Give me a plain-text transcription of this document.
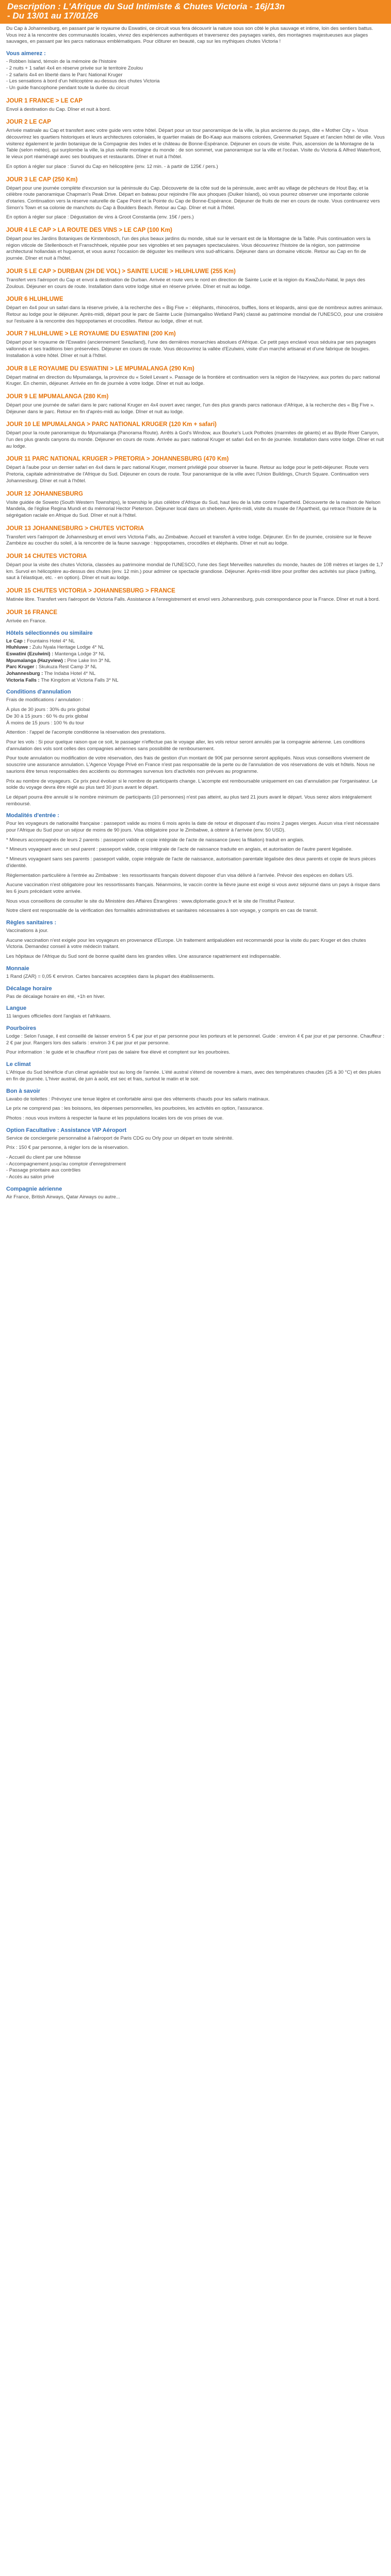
Description : L'Afrique du Sud Intimiste & Chutes Victoria - 16j/13n
- Du 13/01 au 17/01/26

Du Cap à Johannesburg, en passant par le royaume du Eswatini, ce circuit vous fera découvrir la nature sous son côté le plus sauvage et intime, loin des sentiers battus. Vous irez à la rencontre des communautés locales, vivrez des expériences authentiques et traverserez des paysages variés, des montagnes majestueuses aux plages sauvages, en passant par les parcs nationaux emblématiques. Pour clôturer en beauté, cap sur les mythiques chutes Victoria !

Vous aimerez :
- Robben Island, témoin de la mémoire de l'histoire
- 2 nuits + 1 safari 4x4 en réserve privée sur le territoire Zoulou
- 2 safaris 4x4 en liberté dans le Parc National Kruger
- Les sensations à bord d'un hélicoptère au-dessus des chutes Victoria
- Un guide francophone pendant toute la durée du circuit
JOUR 1 FRANCE > LE CAP

Envol à destination du Cap. Dîner et nuit à bord.

JOUR 2 LE CAP

Arrivée matinale au Cap et transfert avec votre guide vers votre hôtel. Départ pour un tour panoramique de la ville, la plus ancienne du pays, dite « Mother City ». Vous découvrirez les quartiers historiques et leurs architectures coloniales, le quartier malais de Bo-Kaap aux maisons colorées, Greenmarket Square et l'ancien hôtel de ville. Vous visiterez également le jardin botanique de la Compagnie des Indes et le château de Bonne-Espérance. Déjeuner en cours de visite. Puis, ascension de la Montagne de la Table (selon météo), qui surplombe la ville, la plus vieille montagne du monde : de son sommet, vue panoramique sur la ville et l'océan. Visite du Victoria & Alfred Waterfront, le vieux port réaménagé avec ses boutiques et restaurants. Dîner et nuit à l'hôtel.

En option à régler sur place : Survol du Cap en hélicoptère (env. 12 min. - à partir de 125€ / pers.)

JOUR 3 LE CAP (250 Km)

Départ pour une journée complète d'excursion sur la péninsule du Cap. Découverte de la côte sud de la péninsule, avec arrêt au village de pêcheurs de Hout Bay, et la célèbre route panoramique Chapman's Peak Drive. Départ en bateau pour rejoindre l'île aux phoques (Duiker Island), où vous pourrez observer une importante colonie d'otaries. Continuation vers la réserve naturelle de Cape Point et la Pointe du Cap de Bonne-Espérance. Déjeuner de fruits de mer en cours de route. Vous continuerez vers Simon's Town et sa colonie de manchots du Cap à Boulders Beach. Retour au Cap. Dîner et nuit à l'hôtel.

En option à régler sur place : Dégustation de vins à Groot Constantia (env. 15€ / pers.)

JOUR 4 LE CAP > LA ROUTE DES VINS > LE CAP (100 Km)

Départ pour les Jardins Botaniques de Kirstenbosch, l'un des plus beaux jardins du monde, situé sur le versant est de la Montagne de la Table. Puis continuation vers la région viticole de Stellenbosch et Franschhoek, réputée pour ses vignobles et ses paysages spectaculaires. Vous découvrirez l'histoire de la région, son patrimoine architectural hollandais et huguenot, et vous aurez l'occasion de déguster les meilleurs vins sud-africains. Déjeuner dans un domaine viticole. Retour au Cap en fin de journée. Dîner et nuit à l'hôtel.

JOUR 5 LE CAP > DURBAN (2H DE VOL) > SAINTE LUCIE > HLUHLUWE (255 Km)

Transfert vers l'aéroport du Cap et envol à destination de Durban. Arrivée et route vers le nord en direction de Sainte Lucie et la région du KwaZulu-Natal, le pays des Zoulous. Déjeuner en cours de route. Installation dans votre lodge situé en réserve privée. Dîner et nuit au lodge.

JOUR 6 HLUHLUWE

Départ en 4x4 pour un safari dans la réserve privée, à la recherche des « Big Five » : éléphants, rhinocéros, buffles, lions et léopards, ainsi que de nombreux autres animaux. Retour au lodge pour le déjeuner. Après-midi, départ pour le parc de Sainte Lucie (Isimangaliso Wetland Park) classé au patrimoine mondial de l'UNESCO, pour une croisière sur l'estuaire à la rencontre des hippopotames et crocodiles. Retour au lodge, dîner et nuit.

JOUR 7 HLUHLUWE > LE ROYAUME DU ESWATINI (200 Km)

Départ pour le royaume de l'Eswatini (anciennement Swaziland), l'une des dernières monarchies absolues d'Afrique. Ce petit pays enclavé vous séduira par ses paysages vallonnés et ses traditions bien préservées. Déjeuner en cours de route. Vous découvrirez la vallée d'Ezulwini, visite d'un marché artisanal et d'une fabrique de bougies. Installation à votre hôtel. Dîner et nuit à l'hôtel.

JOUR 8 LE ROYAUME DU ESWATINI > LE MPUMALANGA (290 Km)

Départ matinal en direction du Mpumalanga, la province du « Soleil Levant ». Passage de la frontière et continuation vers la région de Hazyview, aux portes du parc national Kruger. En chemin, déjeuner. Arrivée en fin de journée à votre lodge. Dîner et nuit au lodge.

JOUR 9 LE MPUMALANGA (280 Km)

Départ pour une journée de safari dans le parc national Kruger en 4x4 ouvert avec ranger, l'un des plus grands parcs nationaux d'Afrique, à la recherche des « Big Five ». Déjeuner dans le parc. Retour en fin d'après-midi au lodge. Dîner et nuit au lodge.

JOUR 10 LE MPUMALANGA > PARC NATIONAL KRUGER (120 Km + safari)

Départ pour la route panoramique du Mpumalanga (Panorama Route). Arrêts à God's Window, aux Bourke's Luck Potholes (marmites de géants) et au Blyde River Canyon, l'un des plus grands canyons du monde. Déjeuner en cours de route. Arrivée au parc national Kruger et safari 4x4 en fin de journée. Installation dans votre lodge. Dîner et nuit au lodge.

JOUR 11 PARC NATIONAL KRUGER > PRETORIA > JOHANNESBURG (470 Km)

Départ à l'aube pour un dernier safari en 4x4 dans le parc national Kruger, moment privilégié pour observer la faune. Retour au lodge pour le petit-déjeuner. Route vers Pretoria, capitale administrative de l'Afrique du Sud. Déjeuner en cours de route. Tour panoramique de la ville avec l'Union Buildings, Church Square. Continuation vers Johannesburg. Dîner et nuit à l'hôtel.

JOUR 12 JOHANNESBURG

Visite guidée de Soweto (South Western Townships), le township le plus célèbre d'Afrique du Sud, haut lieu de la lutte contre l'apartheid. Découverte de la maison de Nelson Mandela, de l'église Regina Mundi et du mémorial Hector Pieterson. Déjeuner local dans un shebeen. Après-midi, visite du musée de l'Apartheid, qui retrace l'histoire de la ségrégation raciale en Afrique du Sud. Dîner et nuit à l'hôtel.

JOUR 13 JOHANNESBURG > CHUTES VICTORIA

Transfert vers l'aéroport de Johannesburg et envol vers Victoria Falls, au Zimbabwe. Accueil et transfert à votre lodge. Déjeuner. En fin de journée, croisière sur le fleuve Zambèze au coucher du soleil, à la rencontre de la faune sauvage : hippopotames, crocodiles et éléphants. Dîner et nuit au lodge.

JOUR 14 CHUTES VICTORIA

Départ pour la visite des chutes Victoria, classées au patrimoine mondial de l'UNESCO, l'une des Sept Merveilles naturelles du monde, hautes de 108 mètres et larges de 1,7 km. Survol en hélicoptère au-dessus des chutes (env. 12 min.) pour admirer ce spectacle grandiose. Déjeuner. Après-midi libre pour profiter des activités sur place (rafting, saut à l'élastique, etc. - en option). Dîner et nuit au lodge.

JOUR 15 CHUTES VICTORIA > JOHANNESBURG > FRANCE

Matinée libre. Transfert vers l'aéroport de Victoria Falls. Assistance à l'enregistrement et envol vers Johannesburg, puis correspondance pour la France. Dîner et nuit à bord.

JOUR 16 FRANCE

Arrivée en France.

Hôtels sélectionnés ou similaire
Le Cap : Fountains Hotel 4* NL
Hluhluwe : Zulu Nyala Heritage Lodge 4* NL
Eswatini (Ezulwini) : Mantenga Lodge 3* NL
Mpumalanga (Hazyview) : Pine Lake Inn 3* NL
Parc Kruger : Skukuza Rest Camp 3* NL
Johannesburg : The Indaba Hotel 4* NL
Victoria Falls : The Kingdom at Victoria Falls 3* NL
Conditions d'annulation

Frais de modifications / annulation :

À plus de 30 jours : 30% du prix global
De 30 à 15 jours : 60 % du prix global
À moins de 15 jours : 100 % du tour

Attention : l'appel de l'acompte conditionne la réservation des prestations.

Pour les vols : Si pour quelque raison que ce soit, le passager n'effectue pas le voyage aller, les vols retour seront annulés par la compagnie aérienne. Les conditions d'annulation des vols sont celles des compagnies aériennes sans possibilité de remboursement.

Pour toute annulation ou modification de votre réservation, des frais de gestion d'un montant de 90€ par personne seront appliqués. Nous vous conseillons vivement de souscrire une assurance annulation. L'Agence Voyage Privé en France n'est pas responsable de la perte ou de l'annulation de vos réservations de vols et hôtels. Nous ne saurions être tenus responsables des accidents ou dommages survenus lors d'activités non prévues au programme.

Prix au nombre de voyageurs. Ce prix peut évoluer si le nombre de participants change. L'acompte est remboursable uniquement en cas d'annulation par l'organisateur. Le solde du voyage devra être réglé au plus tard 30 jours avant le départ.

Le départ pourra être annulé si le nombre minimum de participants (10 personnes) n'est pas atteint, au plus tard 21 jours avant le départ. Vous serez alors intégralement remboursé.

Modalités d'entrée :

Pour les voyageurs de nationalité française : passeport valide au moins 6 mois après la date de retour et disposant d'au moins 2 pages vierges. Aucun visa n'est nécessaire pour l'Afrique du Sud pour un séjour de moins de 90 jours. Visa obligatoire pour le Zimbabwe, à obtenir à l'arrivée (env. 50 USD).

* Mineurs accompagnés de leurs 2 parents : passeport valide et copie intégrale de l'acte de naissance (avec la filiation) traduit en anglais.

* Mineurs voyageant avec un seul parent : passeport valide, copie intégrale de l'acte de naissance traduite en anglais, et autorisation de l'autre parent légalisée.

* Mineurs voyageant sans ses parents : passeport valide, copie intégrale de l'acte de naissance, autorisation parentale légalisée des deux parents et copie de leurs pièces d'identité.

Règlementation particulière à l'entrée au Zimbabwe : les ressortissants français doivent disposer d'un visa délivré à l'arrivée. Prévoir des espèces en dollars US.

Aucune vaccination n'est obligatoire pour les ressortissants français. Néanmoins, le vaccin contre la fièvre jaune est exigé si vous avez séjourné dans un pays à risque dans les 6 jours précédant votre arrivée.

Nous vous conseillons de consulter le site du Ministère des Affaires Étrangères : www.diplomatie.gouv.fr et le site de l'Institut Pasteur.

Notre client est responsable de la vérification des formalités administratives et sanitaires nécessaires à son voyage, y compris en cas de transit.

Règles sanitaires :

Vaccinations à jour.

Aucune vaccination n'est exigée pour les voyageurs en provenance d'Europe. Un traitement antipaludéen est recommandé pour la visite du parc Kruger et des chutes Victoria. Demandez conseil à votre médecin traitant.

Les hôpitaux de l'Afrique du Sud sont de bonne qualité dans les grandes villes. Une assurance rapatriement est indispensable.

Monnaie

1 Rand (ZAR) = 0,05 € environ. Cartes bancaires acceptées dans la plupart des établissements.

Décalage horaire

Pas de décalage horaire en été, +1h en hiver.

Langue

11 langues officielles dont l'anglais et l'afrikaans.

Pourboires

Lodge : Selon l'usage, il est conseillé de laisser environ 5 € par jour et par personne pour les porteurs et le personnel. Guide : environ 4 € par jour et par personne. Chauffeur : 2 € par jour. Rangers lors des safaris : environ 3 € par jour et par personne.

Pour information : le guide et le chauffeur n'ont pas de salaire fixe élevé et comptent sur les pourboires.

Le climat

L'Afrique du Sud bénéficie d'un climat agréable tout au long de l'année. L'été austral s'étend de novembre à mars, avec des températures chaudes (25 à 30 °C) et des pluies en fin de journée. L'hiver austral, de juin à août, est sec et frais, surtout le matin et le soir.

Bon à savoir

Lavabo de toilettes : Prévoyez une tenue légère et confortable ainsi que des vêtements chauds pour les safaris matinaux.

Le prix ne comprend pas : les boissons, les dépenses personnelles, les pourboires, les activités en option, l'assurance.

Photos : nous vous invitons à respecter la faune et les populations locales lors de vos prises de vue.

Option Facultative : Assistance VIP Aéroport

Service de conciergerie personnalisé à l'aéroport de Paris CDG ou Orly pour un départ en toute sérénité.

Prix : 150 € par personne, à régler lors de la réservation.

- Accueil du client par une hôtesse
- Accompagnement jusqu'au comptoir d'enregistrement
- Passage prioritaire aux contrôles
- Accès au salon privé
Compagnie aérienne

Air France, British Airways, Qatar Airways ou autre...
